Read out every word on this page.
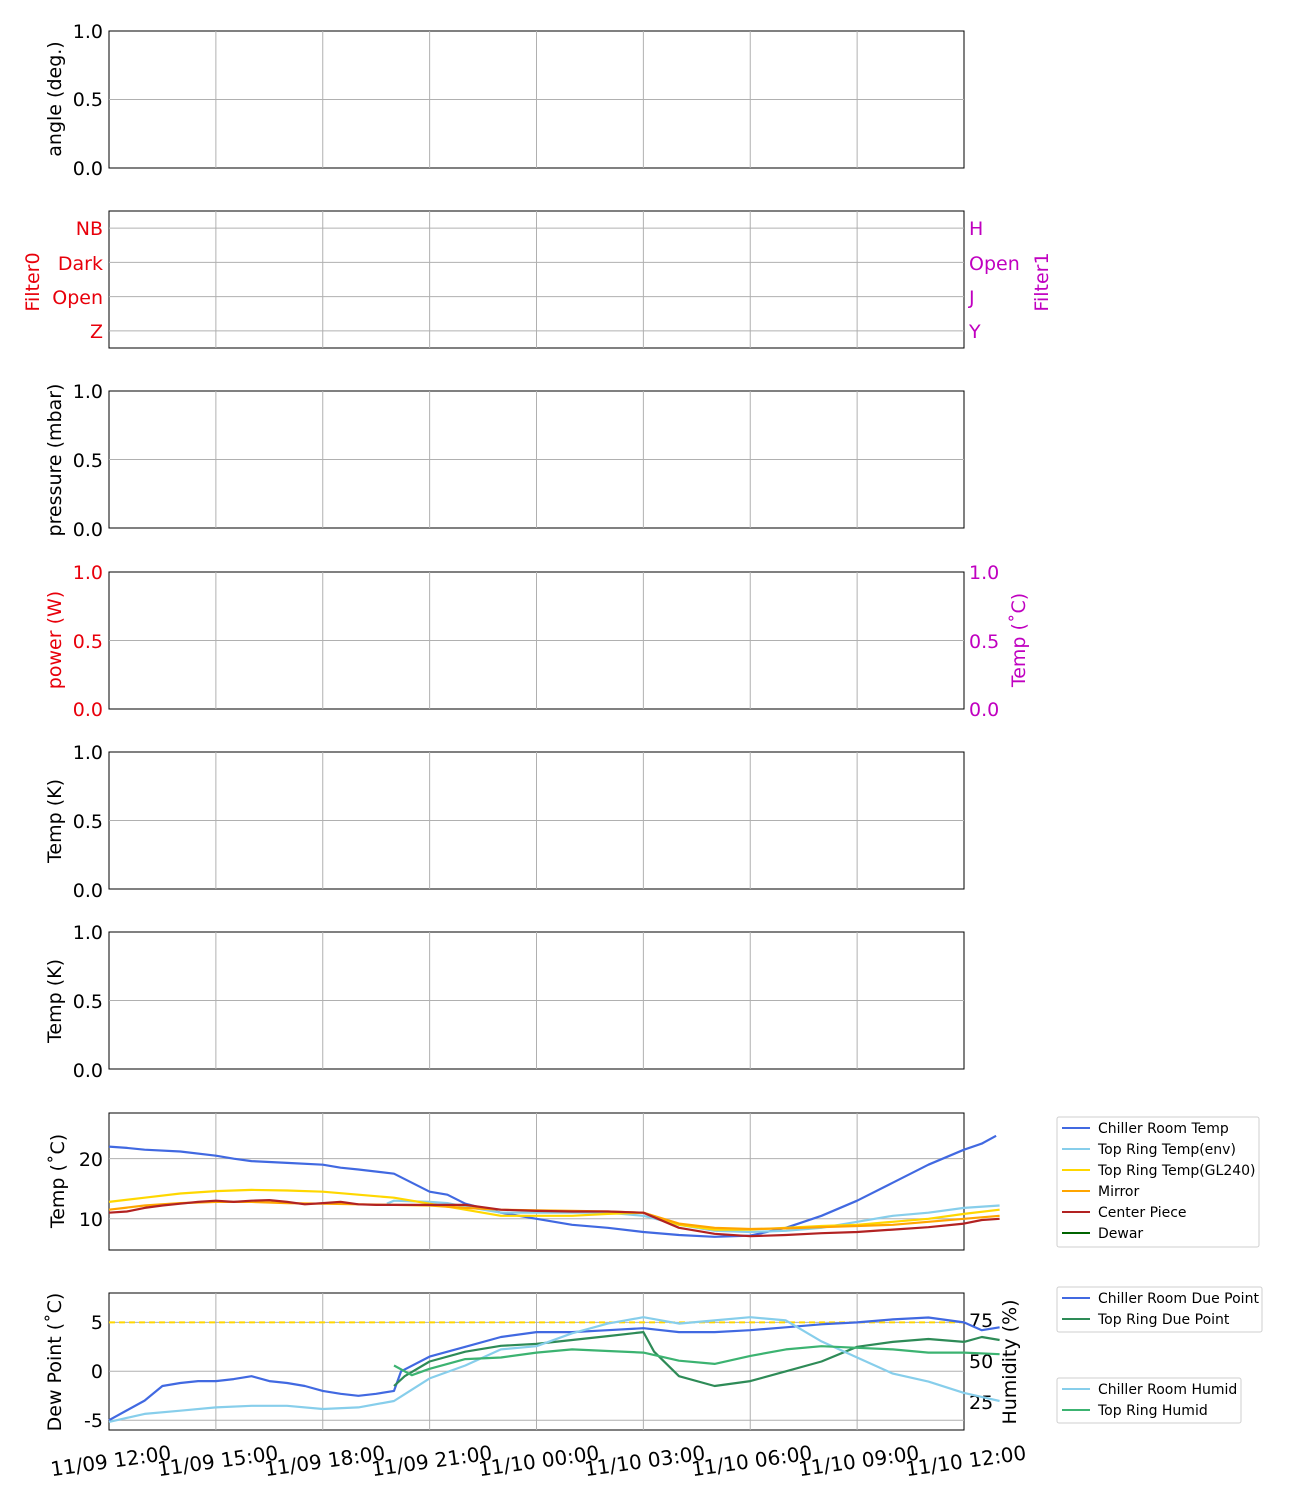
angle (deg.)
0.0
0.5
1.0
Filter0	Filter1
Z
Open
Dark
NB
Y
J
Open
H
pressure (mbar) 0.0
0.5
1.0
power (W)	Temp (˚C)
0.0
0.5
1.0
0.0
0.5
1.0
Temp (K)
0.0
0.5
1.0
Temp (K)
0.0
0.5
1.0
Temp (˚C) 10
20
Chiller Room Temp
Top Ring Temp(env)
Top Ring Temp(GL240)
Mirror
Center Piece
Dewar
Dew Point (˚C)	Humidity (%)
-5
0
5
25
50
75
Chiller Room Due Point
Top Ring Due Point
Chiller Room Humid
Top Ring Humid
11/09 12:00
11/09 15:00
11/09 18:00
11/09 21:00
11/10 00:00
11/10 03:00
11/10 06:00
11/10 09:00
11/10 12:00
